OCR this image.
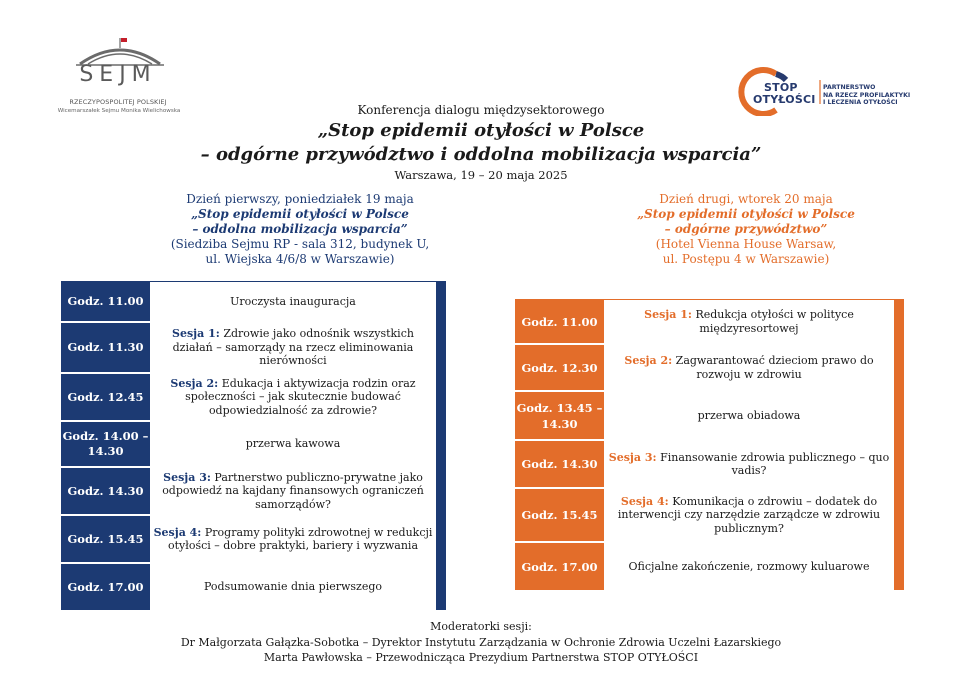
SEJM
RZECZYPOSPOLITEJ POLSKIEJ
Wicemarszałek Sejmu Monika Wielichowska
STOP
OTYŁOŚCI
PARTNERSTWO
NA RZECZ PROFILAKTYKI
I LECZENIA OTYŁOŚCI
Konferencja dialogu międzysektorowego
„Stop epidemii otyłości w Polsce
– odgórne przywództwo i oddolna mobilizacja wsparcia”
Warszawa, 19 – 20 maja 2025
Dzień pierwszy, poniedziałek 19 maja
„Stop epidemii otyłości w Polsce
– oddolna mobilizacja wsparcia”
(Siedziba Sejmu RP - sala 312, budynek U,
ul. Wiejska 4/6/8 w Warszawie)
Dzień drugi, wtorek 20 maja
„Stop epidemii otyłości w Polsce
– odgórne przywództwo”
(Hotel Vienna House Warsaw,
ul. Postępu 4 w Warszawie)
Godz. 11.00	Uroczysta inauguracja
Godz. 11.30
Sesja 1: Zdrowie jako odnośnik wszystkich działań – samorządy na rzecz eliminowania nierówności
Godz. 12.45
Sesja 2: Edukacja i aktywizacja rodzin oraz społeczności – jak skutecznie budować odpowiedzialność za zdrowie?
Godz. 14.00 – 14.30
przerwa kawowa
Godz. 14.30
Sesja 3: Partnerstwo publiczno-prywatne jako odpowiedź na kajdany finansowych ograniczeń samorządów?
Godz. 15.45 Sesja 4: Programy polityki zdrowotnej w redukcji otyłości – dobre praktyki, bariery i wyzwania
Godz. 17.00	Podsumowanie dnia pierwszego
Godz. 11.00	Sesja 1: Redukcja otyłości w polityce międzyresortowej
Godz. 12.30	Sesja 2: Zagwarantować dzieciom prawo do rozwoju w zdrowiu
Godz. 13.45 – 14.30
przerwa obiadowa
Godz. 14.30 Sesja 3: Finansowanie zdrowia publicznego – quo vadis?
Godz. 15.45
Sesja 4: Komunikacja o zdrowiu – dodatek do interwencji czy narzędzie zarządcze w zdrowiu publicznym?
Godz. 17.00	Oficjalne zakończenie, rozmowy kuluarowe
Moderatorki sesji:
Dr Małgorzata Gałązka-Sobotka – Dyrektor Instytutu Zarządzania w Ochronie Zdrowia Uczelni Łazarskiego
Marta Pawłowska – Przewodnicząca Prezydium Partnerstwa STOP OTYŁOŚCI
